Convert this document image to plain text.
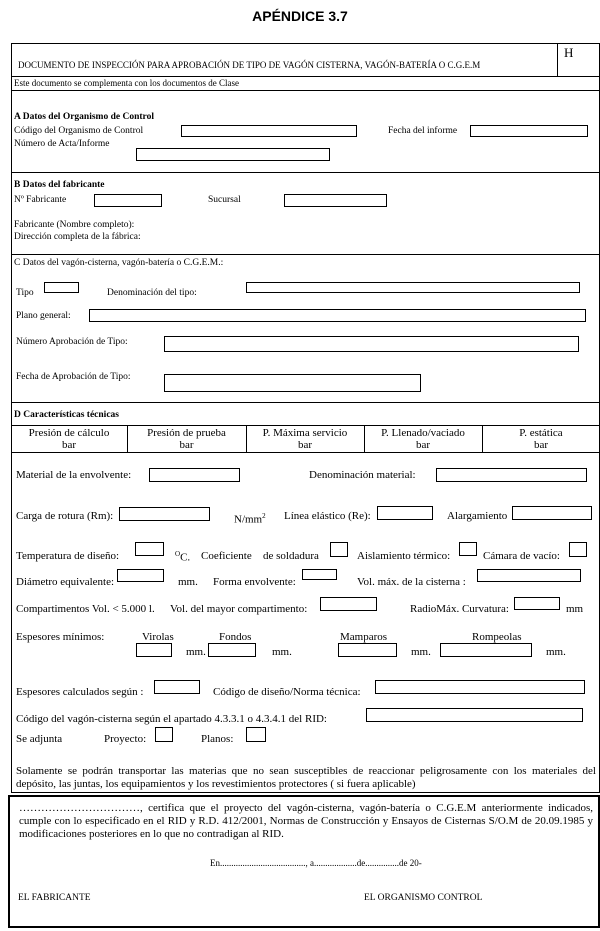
APÉNDICE 3.7
H
DOCUMENTO DE INSPECCIÓN PARA APROBACIÓN DE TIPO DE VAGÓN CISTERNA, VAGÓN-BATERÍA O C.G.E.M
Este documento se complementa con los documentos de Clase
A Datos del Organismo de Control
Código del Organismo de Control	Fecha del informe
Número de Acta/Informe
B Datos del fabricante
Nº Fabricante	Sucursal
Fabricante (Nombre completo):
Dirección completa de la fábrica:
C Datos del vagón-cisterna, vagón-batería o C.G.E.M.:
Tipo	Denominación del tipo:
Plano general:
Número Aprobación de Tipo:
Fecha de Aprobación de Tipo:
D Características técnicas
Presión de cálculo
bar
Presión de prueba
bar
P. Máxima servicio
bar
P. Llenado/vaciado
bar
P. estática
bar
Material de la envolvente:	Denominación material:
Carga de rotura (Rm):	$N/mm^2$ Línea elástico (Re):	Alargamiento
Temperatura de diseño:	$^O$C. Coeficiente de soldadura	Aislamiento térmico:	Cámara de vacío:
Diámetro equivalente:	mm. Forma envolvente:	Vol. máx. de la cisterna :
Compartimentos Vol. < 5.000 l. Vol. del mayor compartimento:	RadioMáx. Curvatura:	mm
Espesores mínimos:	Virolas	Fondos	Mamparos	Rompeolas
mm.	mm.	mm.	mm.
Espesores calculados según :	Código de diseño/Norma técnica:
Código del vagón-cisterna según el apartado 4.3.3.1 o 4.3.4.1 del RID:
Se adjunta	Proyecto:	Planos:
Solamente se podrán transportar las materias que no sean susceptibles de reaccionar peligrosamente con los materiales del depósito, las juntas, los equipamientos y los revestimientos protectores ( si fuera aplicable)
……………………………, certifica que el proyecto del vagón-cisterna, vagón-batería o C.G.E.M anteriormente indicados, cumple con lo especificado en el RID y R.D. 412/2001, Normas de Construcción y Ensayos de Cisternas S/O.M de 20.09.1985 y modificaciones posteriores en lo que no contradigan al RID.
En......................................, a...................de...............de 20-
EL FABRICANTE	EL ORGANISMO CONTROL
